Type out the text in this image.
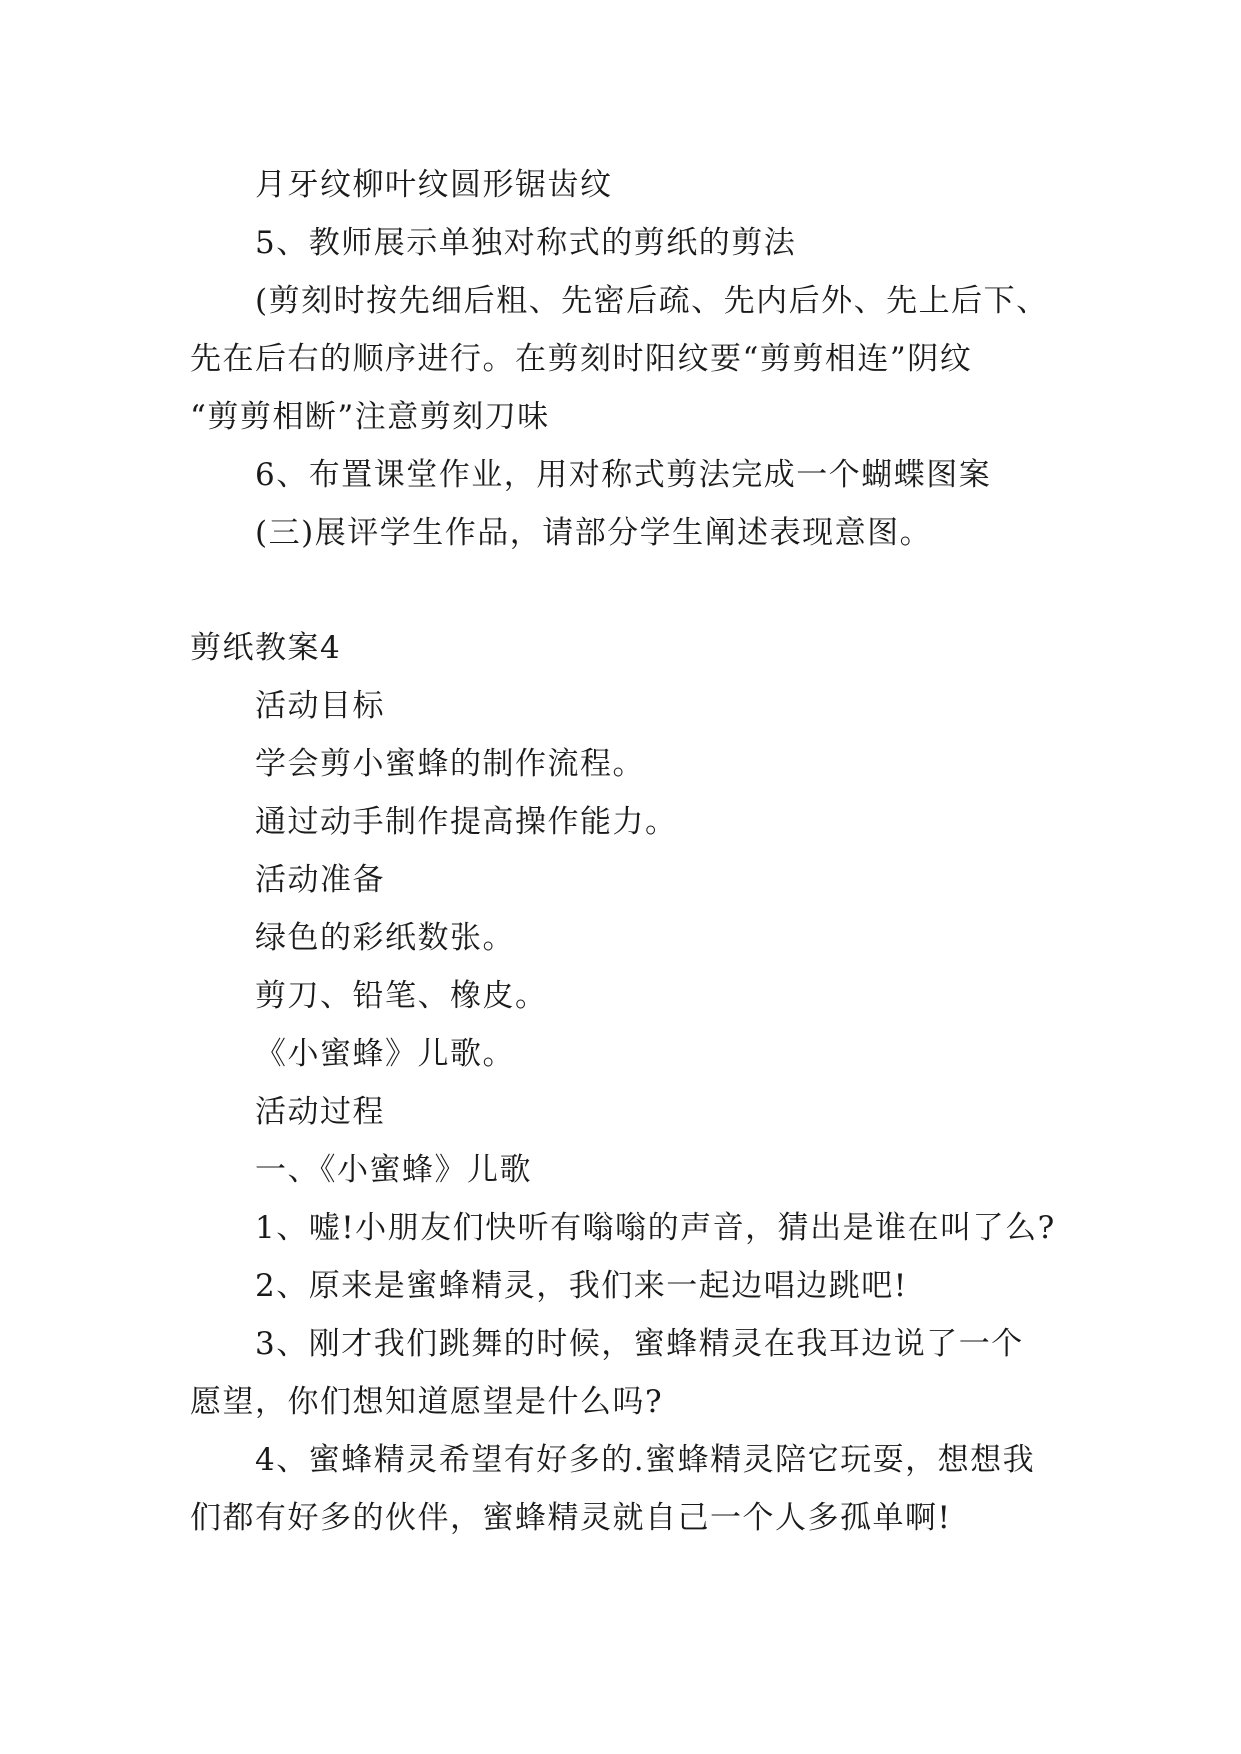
月牙纹柳叶纹圆形锯齿纹
5、教师展示单独对称式的剪纸的剪法
(剪刻时按先细后粗、先密后疏、先内后外、先上后下、
先在后右的顺序进行。在剪刻时阳纹要“剪剪相连”阴纹
“剪剪相断”注意剪刻刀味
6、布置课堂作业，用对称式剪法完成一个蝴蝶图案
(三)展评学生作品，请部分学生阐述表现意图。
剪纸教案4
活动目标
学会剪小蜜蜂的制作流程。
通过动手制作提高操作能力。
活动准备
绿色的彩纸数张。
剪刀、铅笔、橡皮。
《小蜜蜂》儿歌。
活动过程
一、《小蜜蜂》儿歌
1、嘘!小朋友们快听有嗡嗡的声音，猜出是谁在叫了么?
2、原来是蜜蜂精灵，我们来一起边唱边跳吧!
3、刚才我们跳舞的时候，蜜蜂精灵在我耳边说了一个
愿望，你们想知道愿望是什么吗?
4、蜜蜂精灵希望有好多的.蜜蜂精灵陪它玩耍，想想我
们都有好多的伙伴，蜜蜂精灵就自己一个人多孤单啊!
